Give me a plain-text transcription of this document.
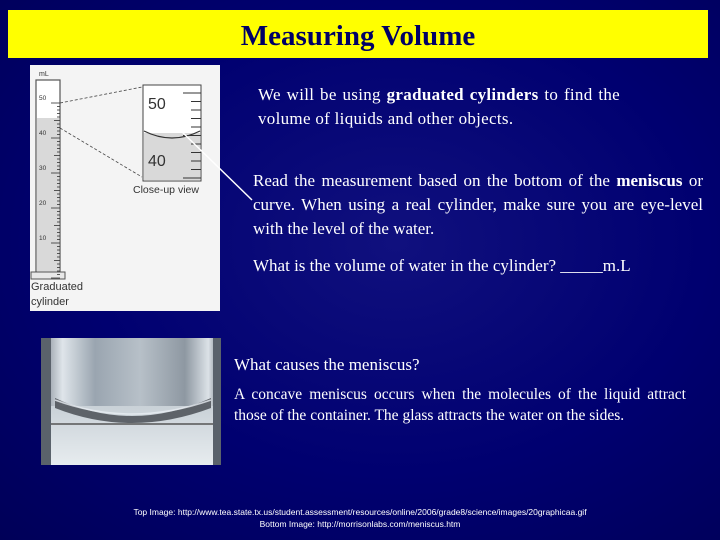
Measuring Volume
mL
50
40
30
20
10
50
40
Close-up view
Graduated
cylinder

We will be using graduated cylinders to find the volume of liquids and other objects.

Read the measurement based on the bottom of the meniscus or curve. When using a real cylinder, make sure you are eye-level with the level of the water.

What is the volume of water in the cylinder? _____m.L

What causes the meniscus?

A concave meniscus occurs when the molecules of the liquid attract those of the container. The glass attracts the water on the sides.

Top Image: http://www.tea.state.tx.us/student.assessment/resources/online/2006/grade8/science/images/20graphicaa.gif
Bottom Image: http://morrisonlabs.com/meniscus.htm
